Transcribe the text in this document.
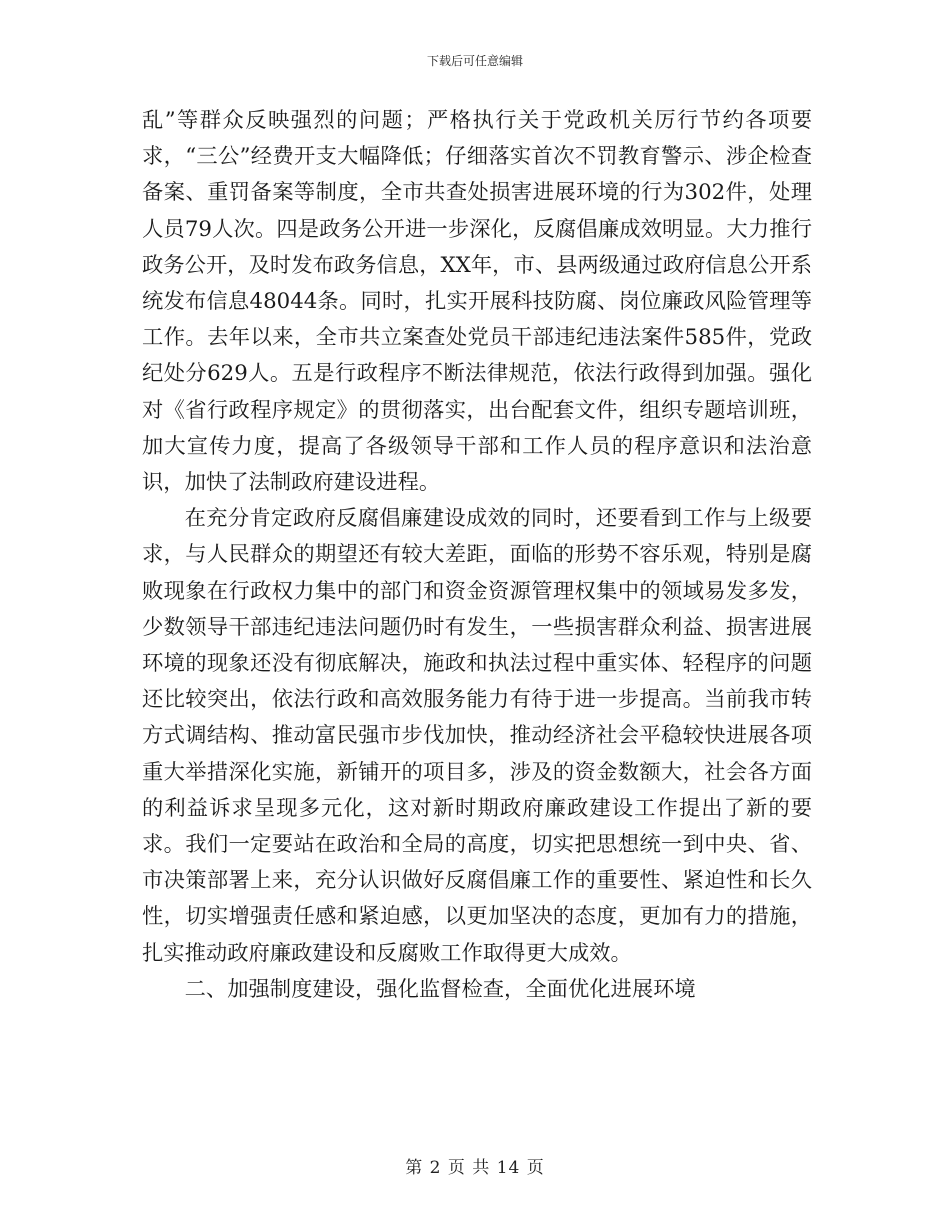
下载后可任意编辑

乱”等群众反映强烈的问题；严格执行关于党政机关厉行节约各项要求，“三公”经费开支大幅降低；仔细落实首次不罚教育警示、涉企检查备案、重罚备案等制度，全市共查处损害进展环境的行为302件，处理人员79人次。四是政务公开进一步深化，反腐倡廉成效明显。大力推行政务公开，及时发布政务信息，XX年，市、县两级通过政府信息公开系统发布信息48044条。同时，扎实开展科技防腐、岗位廉政风险管理等工作。去年以来，全市共立案查处党员干部违纪违法案件585件，党政纪处分629人。五是行政程序不断法律规范，依法行政得到加强。强化对《省行政程序规定》的贯彻落实，出台配套文件，组织专题培训班，加大宣传力度，提高了各级领导干部和工作人员的程序意识和法治意识，加快了法制政府建设进程。

在充分肯定政府反腐倡廉建设成效的同时，还要看到工作与上级要求，与人民群众的期望还有较大差距，面临的形势不容乐观，特别是腐败现象在行政权力集中的部门和资金资源管理权集中的领域易发多发，少数领导干部违纪违法问题仍时有发生，一些损害群众利益、损害进展环境的现象还没有彻底解决，施政和执法过程中重实体、轻程序的问题还比较突出，依法行政和高效服务能力有待于进一步提高。当前我市转方式调结构、推动富民强市步伐加快，推动经济社会平稳较快进展各项重大举措深化实施，新铺开的项目多，涉及的资金数额大，社会各方面的利益诉求呈现多元化，这对新时期政府廉政建设工作提出了新的要求。我们一定要站在政治和全局的高度，切实把思想统一到中央、省、市决策部署上来，充分认识做好反腐倡廉工作的重要性、紧迫性和长久性，切实增强责任感和紧迫感，以更加坚决的态度，更加有力的措施，扎实推动政府廉政建设和反腐败工作取得更大成效。

二、加强制度建设，强化监督检查，全面优化进展环境

第 2 页 共 14 页
